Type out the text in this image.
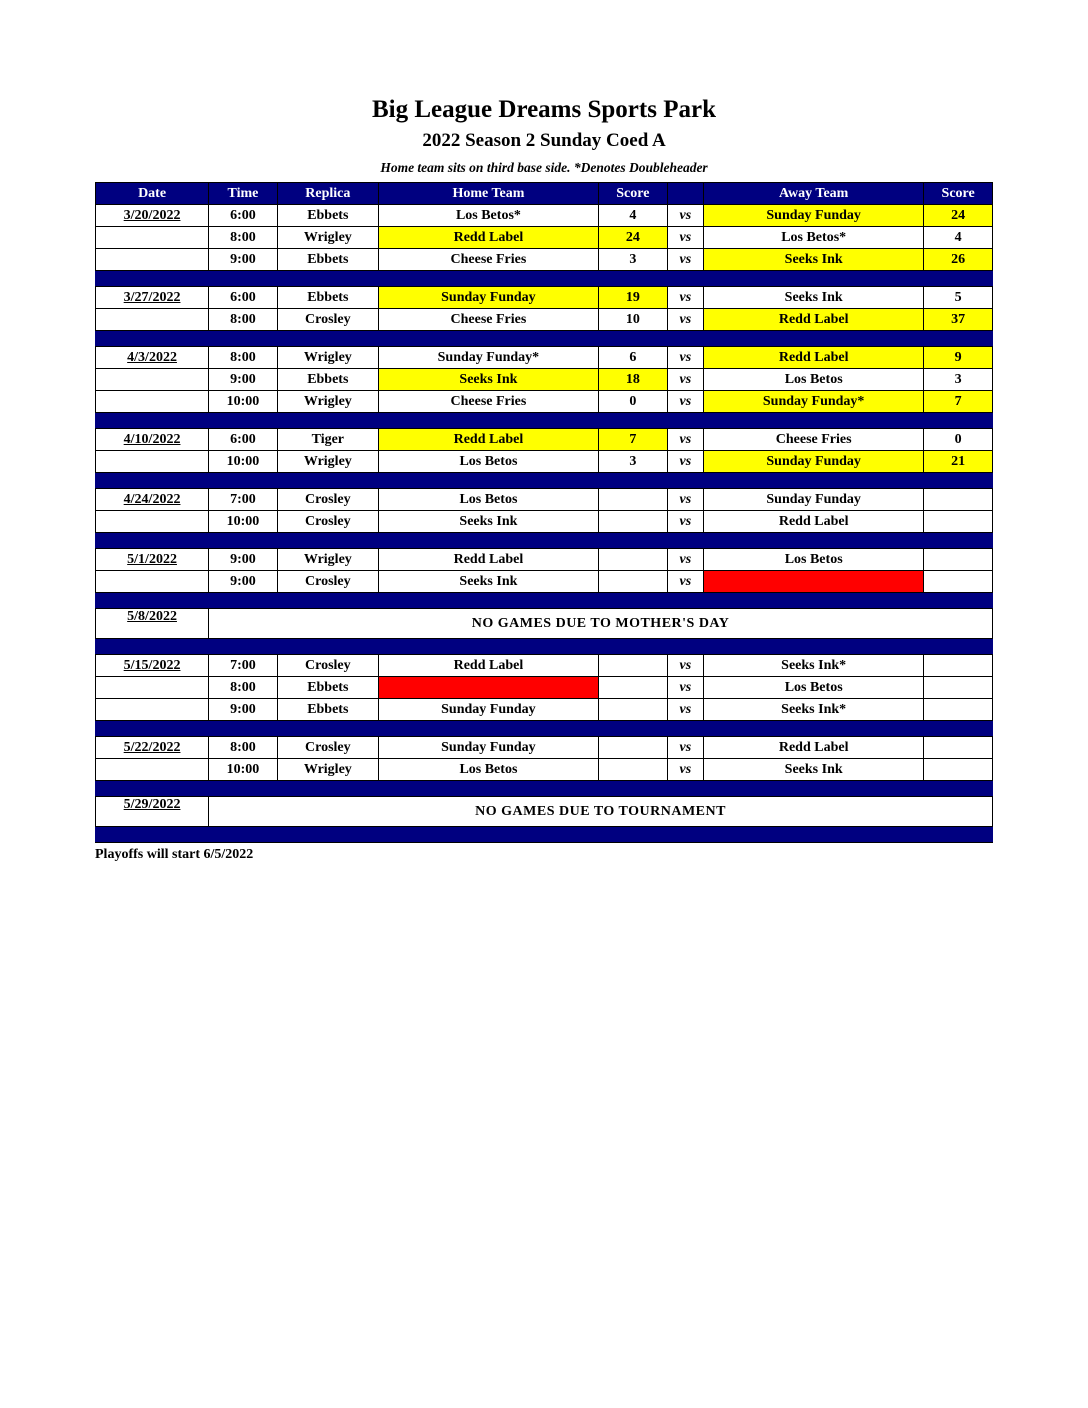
Big League Dreams Sports Park
2022 Season 2 Sunday Coed A
Home team sits on third base side. *Denotes Doubleheader
Date	Time	Replica	Home Team	Score		Away Team	Score
3/20/2022	6:00	Ebbets	Los Betos*	4	vs	Sunday Funday	24
	8:00	Wrigley	Redd Label	24	vs	Los Betos*	4
	9:00	Ebbets	Cheese Fries	3	vs	Seeks Ink	26

3/27/2022	6:00	Ebbets	Sunday Funday	19	vs	Seeks Ink	5
	8:00	Crosley	Cheese Fries	10	vs	Redd Label	37

4/3/2022	8:00	Wrigley	Sunday Funday*	6	vs	Redd Label	9
	9:00	Ebbets	Seeks Ink	18	vs	Los Betos	3
	10:00	Wrigley	Cheese Fries	0	vs	Sunday Funday*	7

4/10/2022	6:00	Tiger	Redd Label	7	vs	Cheese Fries	0
	10:00	Wrigley	Los Betos	3	vs	Sunday Funday	21

4/24/2022	7:00	Crosley	Los Betos		vs	Sunday Funday	
	10:00	Crosley	Seeks Ink		vs	Redd Label	

5/1/2022	9:00	Wrigley	Redd Label		vs	Los Betos	
	9:00	Crosley	Seeks Ink		vs		

5/8/2022	NO GAMES DUE TO MOTHER'S DAY						

5/15/2022	7:00	Crosley	Redd Label		vs	Seeks Ink*	
	8:00	Ebbets			vs	Los Betos	
	9:00	Ebbets	Sunday Funday		vs	Seeks Ink*	

5/22/2022	8:00	Crosley	Sunday Funday		vs	Redd Label	
	10:00	Wrigley	Los Betos		vs	Seeks Ink	

5/29/2022	NO GAMES DUE TO TOURNAMENT						

Playoffs will start 6/5/2022
